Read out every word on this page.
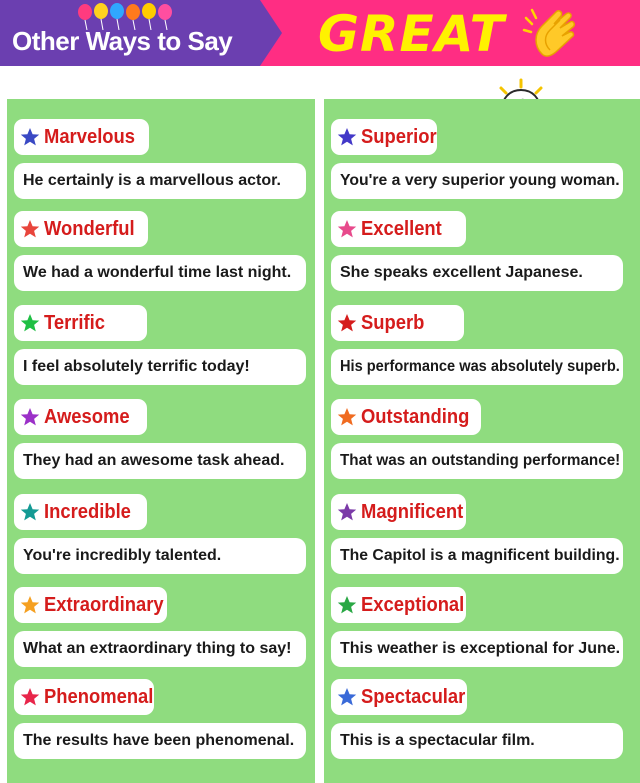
Other Ways to Say	GREAT
Marvelous
He certainly is a marvellous actor.
Wonderful
We had a wonderful time last night.
Terrific
I feel absolutely terrific today!
Awesome
They had an awesome task ahead.
Incredible
You're incredibly talented.
Extraordinary
What an extraordinary thing to say!
Phenomenal
The results have been phenomenal.
Superior
You're a very superior young woman.
Excellent
She speaks excellent Japanese.
Superb
His performance was absolutely superb.
Outstanding
That was an outstanding performance!
Magnificent
The Capitol is a magnificent building.
Exceptional
This weather is exceptional for June.
Spectacular
This is a spectacular film.
